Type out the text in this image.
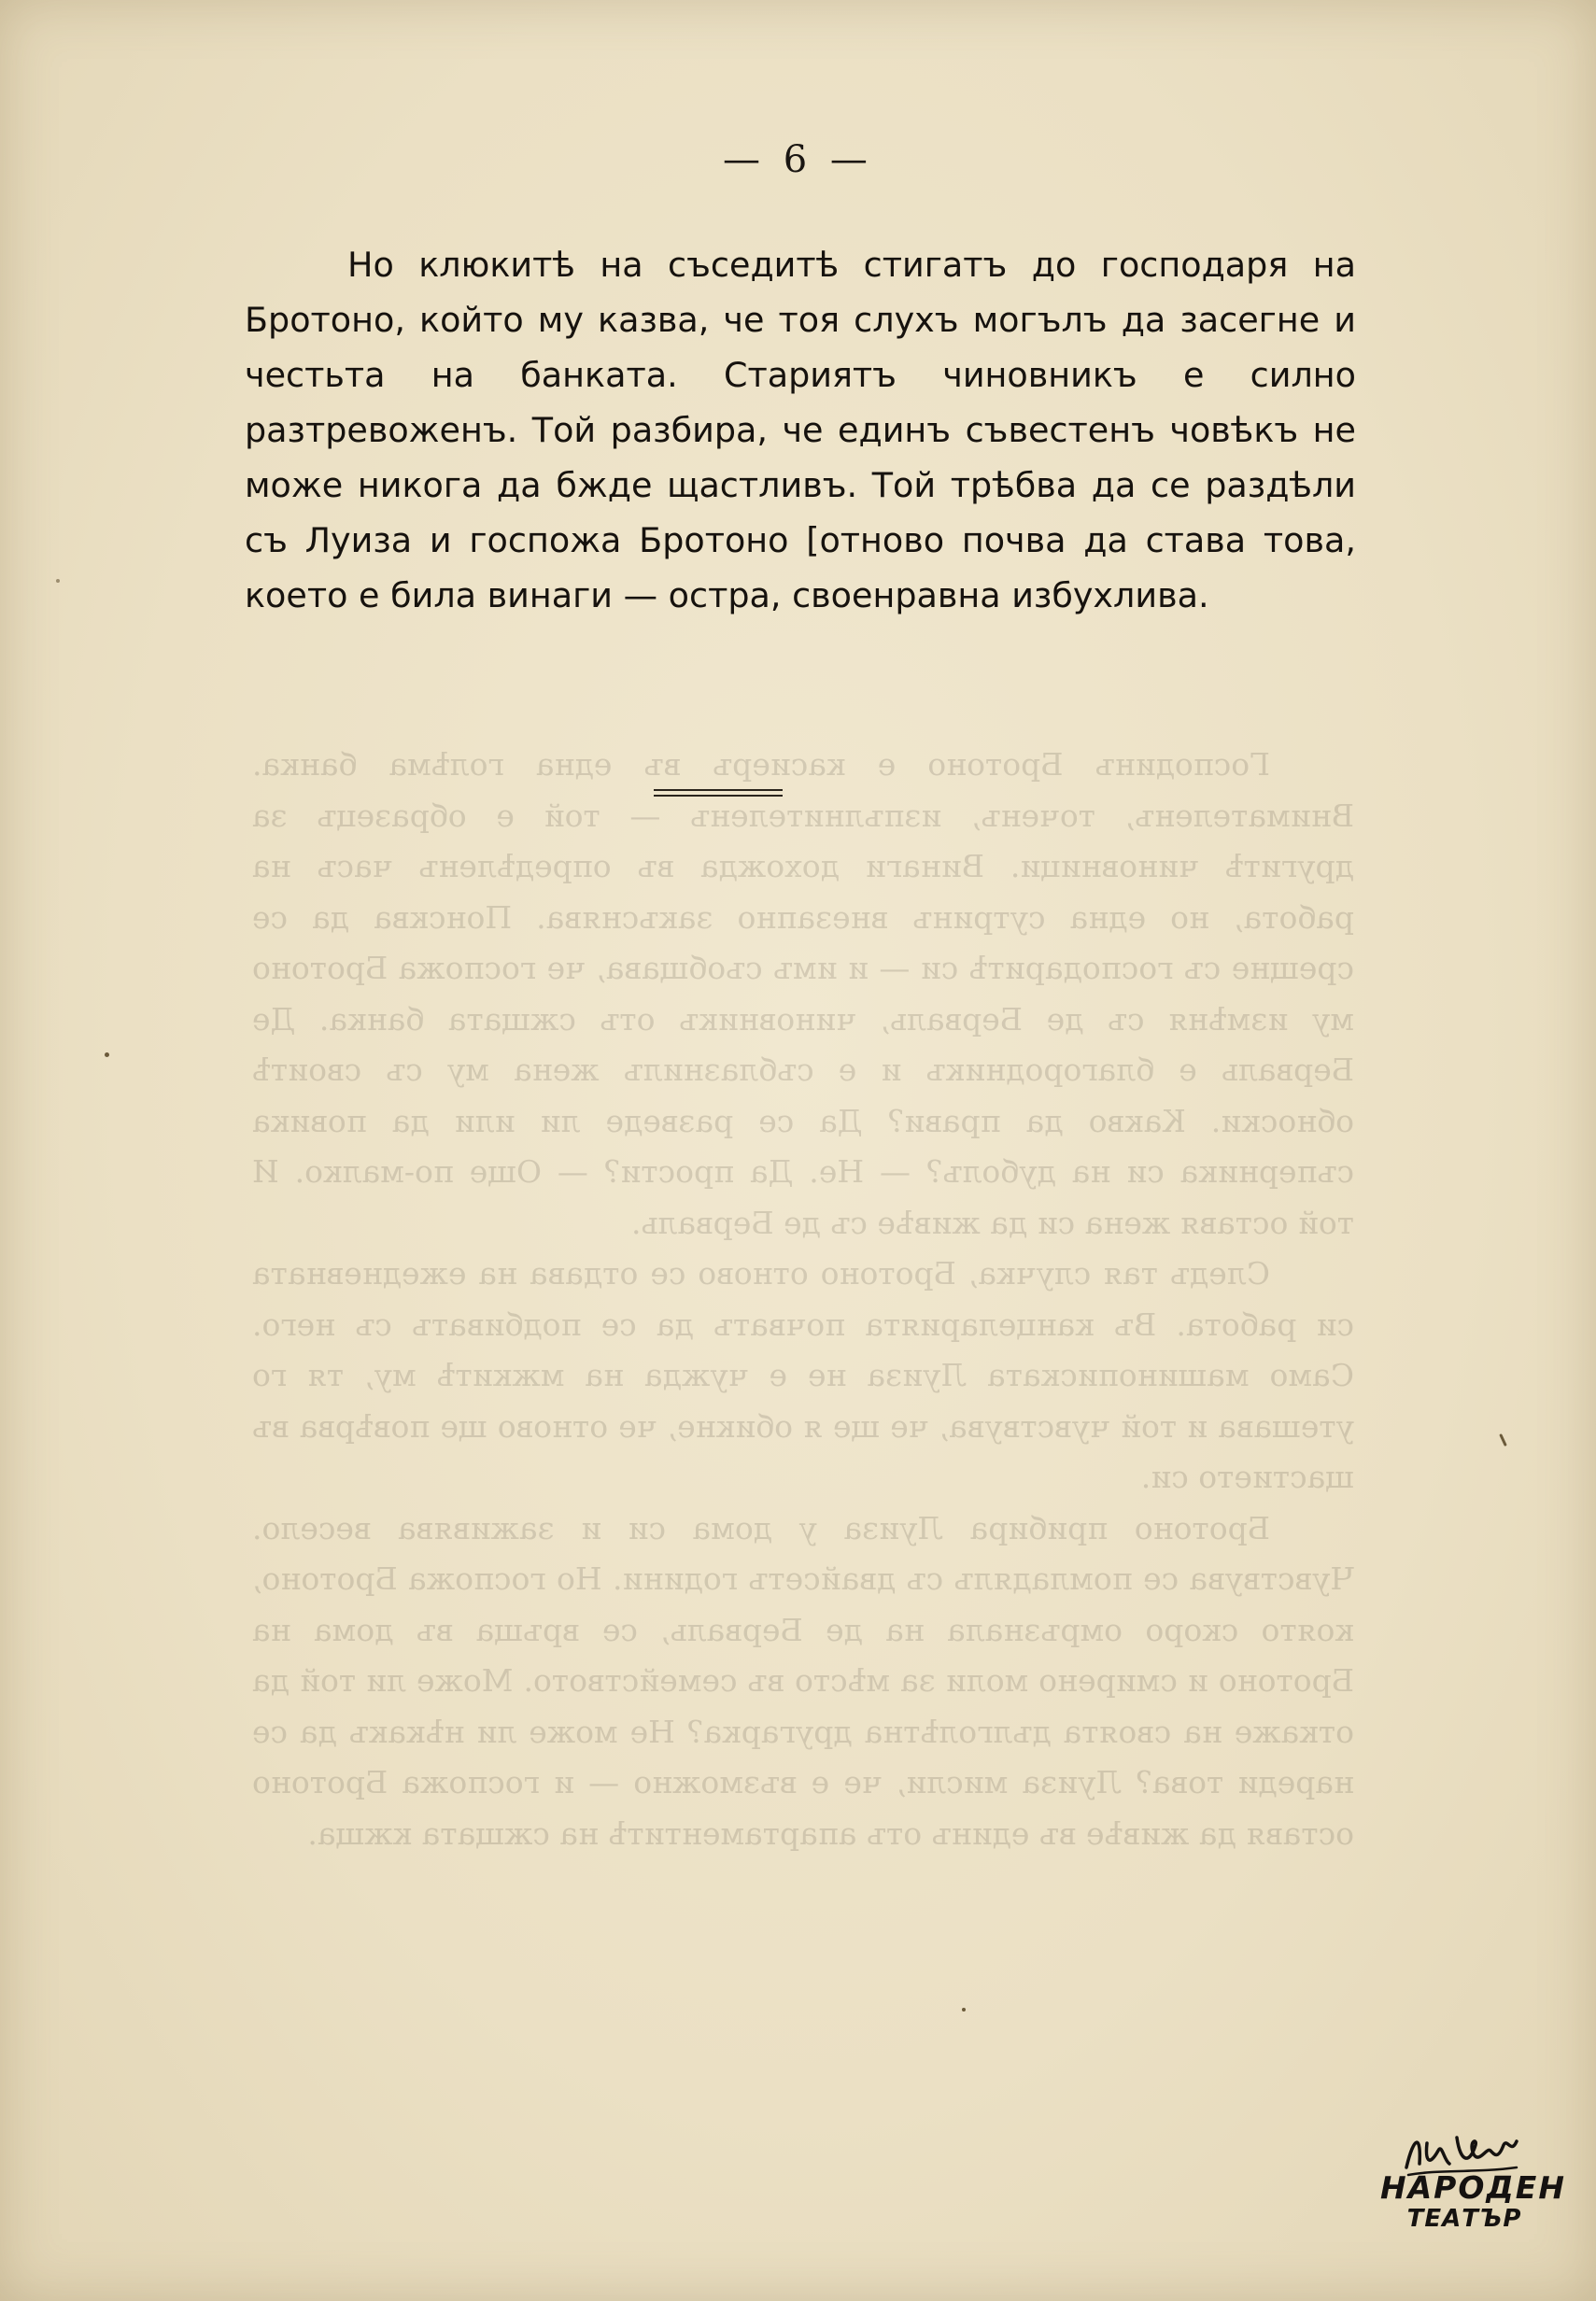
Господинъ Бротоно е касиеръ въ една голѣма банка. Внимателенъ, точенъ, изпълнителенъ — той е образецъ за другитѣ чиновници. Винаги дохожда въ опредѣленъ часъ на работа, но една сутринъ внезапно закъснява. Понсква да се срещне съ господаритѣ си — и имъ съобщава, че госпожа Бротоно му измѣня съ де Берваль, чиновникъ отъ сжщата банка. Де Берваль е благородникъ и е съблазнилъ жена му съ своитѣ обноски. Какво да прави? Да се разведе ли или да повика съперника си на дуболъ? — Не. Да прости? — Още по-малко. И той оставя жена си да живѣе съ де Берваль.

Следъ тая случка, Бротоно отново се отдава на ежедневната си работа. Въ канцеларията почватъ да се подбиватъ съ него. Само машинописката Луиза не е чужда на мжкитѣ му, тя го утешава и той чувствува, че ще я обикне, че отново ще повѣрва въ щастието си.

Бротоно прибира Луиза у дома си и заживява весело. Чувствува се помладялъ съ двайсетъ години. Но госпожа Бротоно, която скоро омръзнала на де Берваль, се връща въ дома на Бротоно и смирено моли за мѣсто въ семейството. Може ли той да откаже на своята дълголѣтна другарка? Не може ли нѣкакъ да се нареди това? Луиза мисли, че е възможно — и госпожа Бротоно оставя да живѣе въ единъ отъ апартаментитѣ на сжщата кжща.

— 6 —

Но клюкитѣ на съседитѣ стигатъ до господаря на Бротоно, който му казва, че тоя слухъ могълъ да засегне и честьта на банката. Стариятъ чиновникъ е силно разтревоженъ. Той разбира, че единъ съвестенъ човѣкъ не може никога да бжде щастливъ. Той трѣбва да се раздѣли съ Луиза и госпожа Бротоно [отново почва да става това, което е била винаги — остра, своенравна избухлива.

НАРОДЕН
ТЕАТЪР
